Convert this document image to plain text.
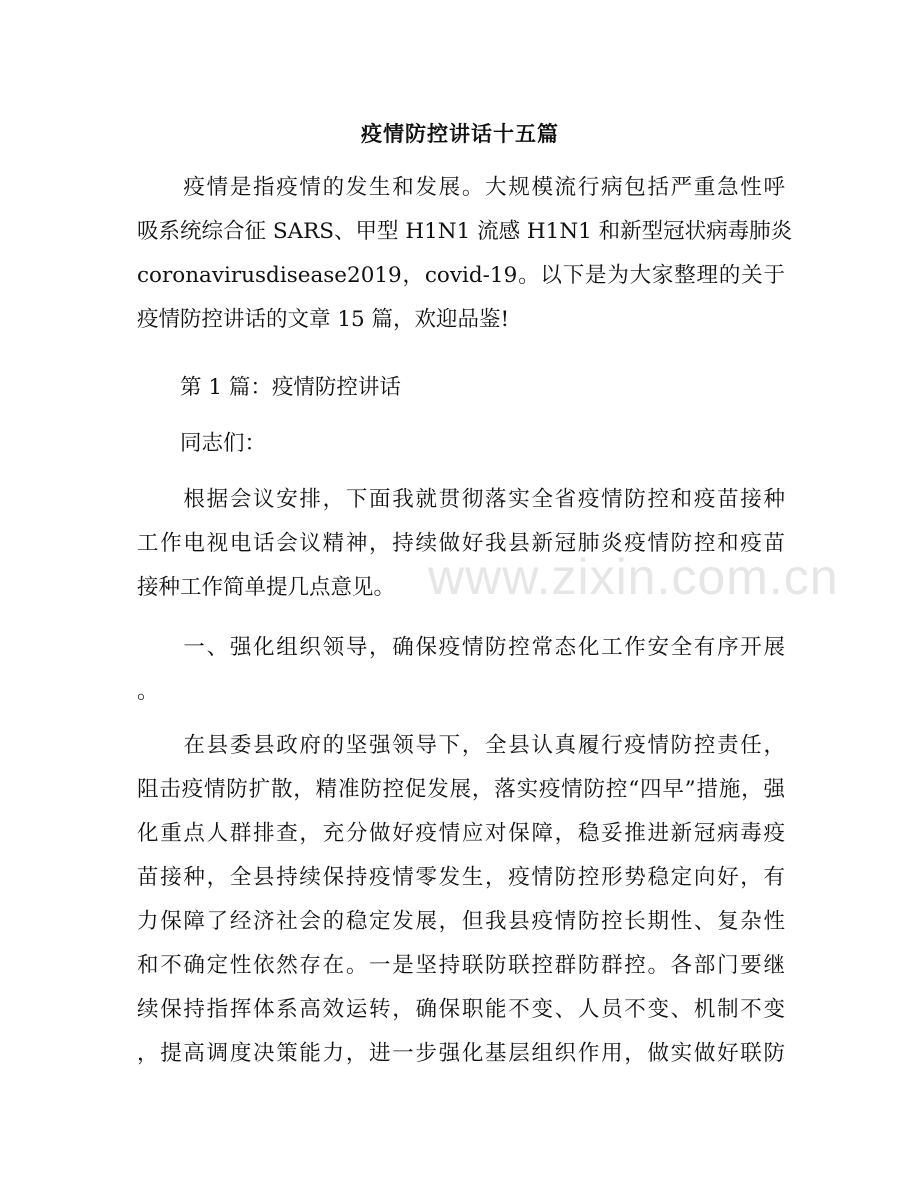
www.zixin.com.cn
疫情防控讲话十五篇
　　疫情是指疫情的发生和发展。大规模流行病包括严重急性呼
吸系统综合征 SARS、甲型 H1N1 流感 H1N1 和新型冠状病毒肺炎
coronavirusdisease2019，covid-19。以下是为大家整理的关于
疫情防控讲话的文章 15 篇，欢迎品鉴!
　　第 1 篇：疫情防控讲话
　　同志们：
　　根据会议安排，下面我就贯彻落实全省疫情防控和疫苗接种
工作电视电话会议精神，持续做好我县新冠肺炎疫情防控和疫苗
接种工作简单提几点意见。
　　一、强化组织领导，确保疫情防控常态化工作安全有序开展
。
　　在县委县政府的坚强领导下，全县认真履行疫情防控责任，
阻击疫情防扩散，精准防控促发展，落实疫情防控“四早”措施，强
化重点人群排查，充分做好疫情应对保障，稳妥推进新冠病毒疫
苗接种，全县持续保持疫情零发生，疫情防控形势稳定向好，有
力保障了经济社会的稳定发展，但我县疫情防控长期性、复杂性
和不确定性依然存在。一是坚持联防联控群防群控。各部门要继
续保持指挥体系高效运转，确保职能不变、人员不变、机制不变
，提高调度决策能力，进一步强化基层组织作用，做实做好联防
